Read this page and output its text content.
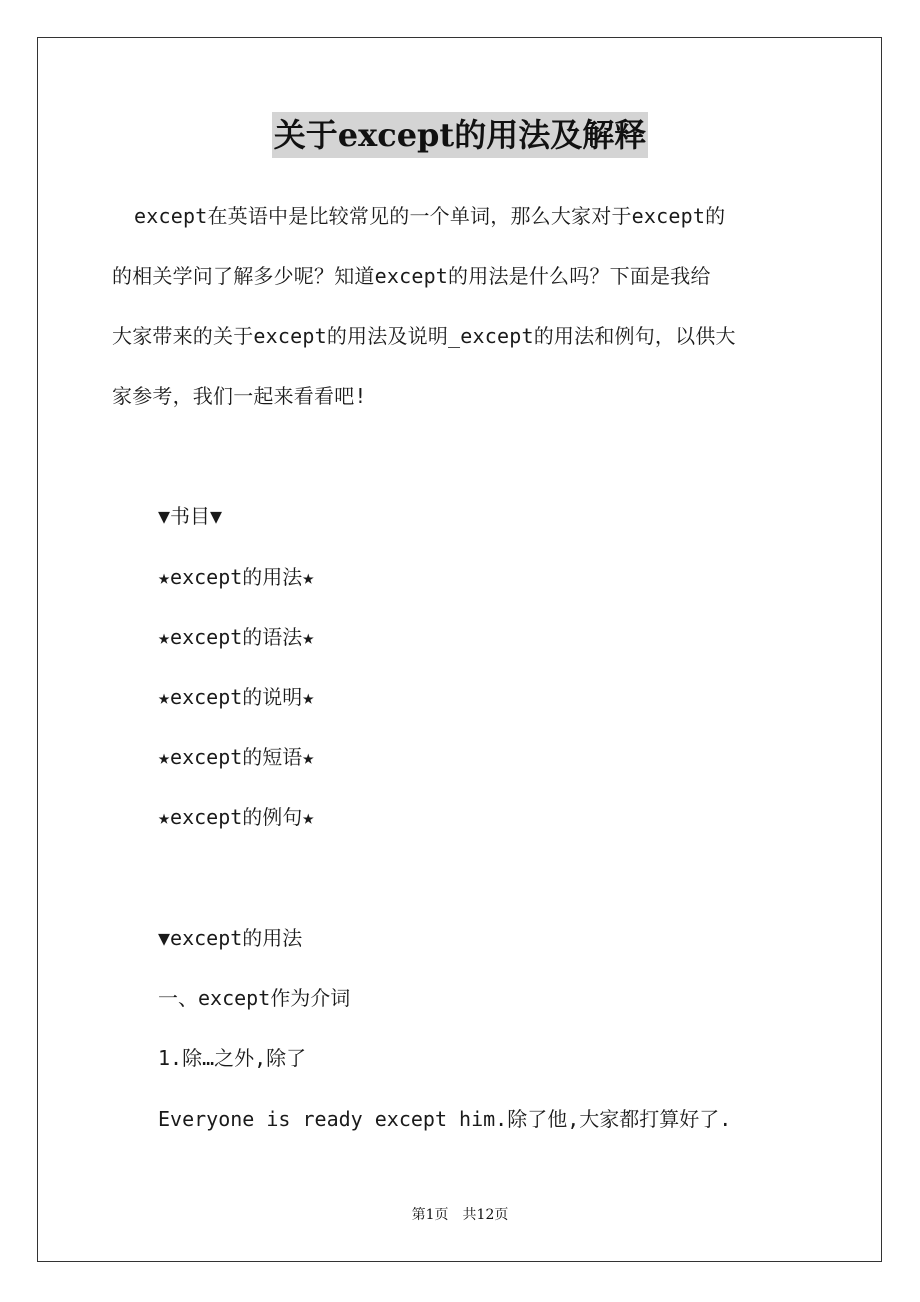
关于except的用法及解释
except在英语中是比较常见的一个单词，那么大家对于except的
的相关学问了解多少呢？知道except的用法是什么吗？下面是我给
大家带来的关于except的用法及说明_except的用法和例句，以供大
家参考，我们一起来看看吧!

▼书目▼

★except的用法★

★except的语法★

★except的说明★

★except的短语★

★except的例句★

▼except的用法

一、except作为介词

1.除…之外,除了

Everyone is ready except him.除了他,大家都打算好了.

第1页 共12页
